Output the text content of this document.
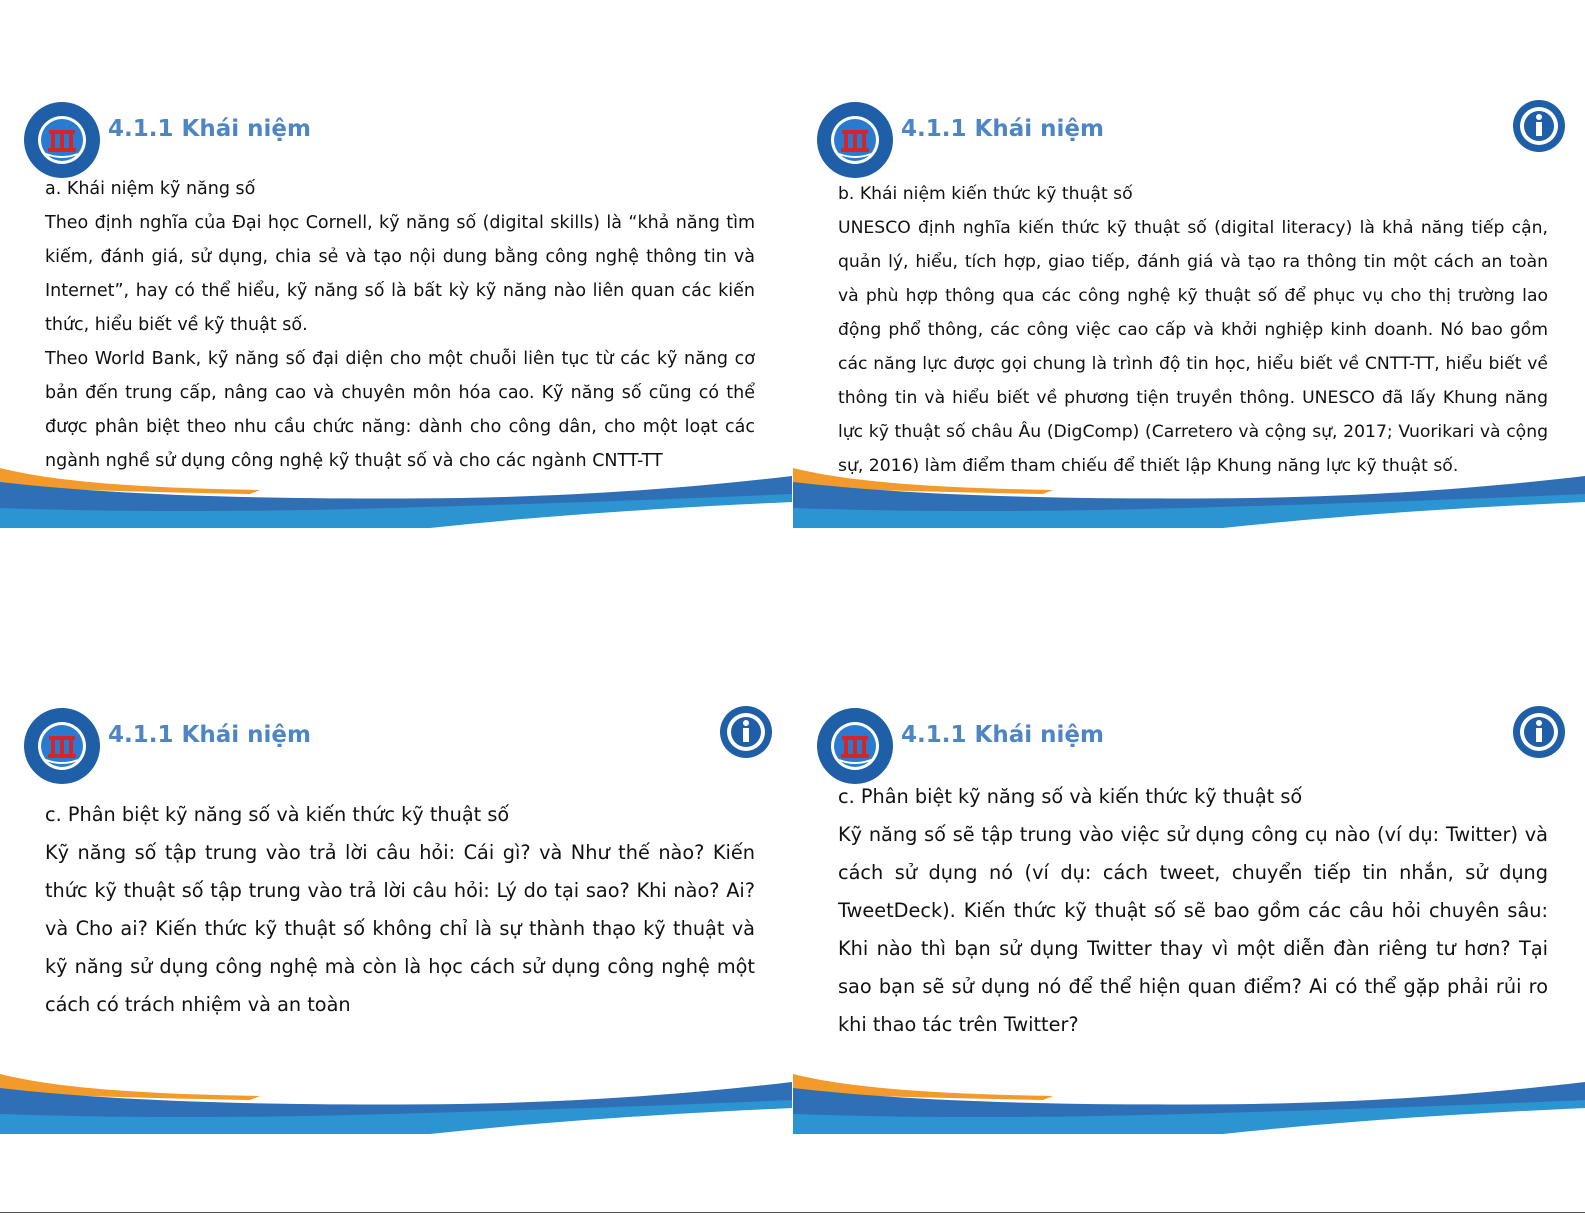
4.1.1 Khái niệm

a. Khái niệm kỹ năng số

Theo định nghĩa của Đại học Cornell, kỹ năng số (digital skills) là “khả năng tìm kiếm, đánh giá, sử dụng, chia sẻ và tạo nội dung bằng công nghệ thông tin và Internet”, hay có thể hiểu, kỹ năng số là bất kỳ kỹ năng nào liên quan các kiến thức, hiểu biết về kỹ thuật số.

Theo World Bank, kỹ năng số đại diện cho một chuỗi liên tục từ các kỹ năng cơ bản đến trung cấp, nâng cao và chuyên môn hóa cao. Kỹ năng số cũng có thể được phân biệt theo nhu cầu chức năng: dành cho công dân, cho một loạt các ngành nghề sử dụng công nghệ kỹ thuật số và cho các ngành CNTT-TT

4.1.1 Khái niệm

b. Khái niệm kiến thức kỹ thuật số

UNESCO định nghĩa kiến thức kỹ thuật số (digital literacy) là khả năng tiếp cận, quản lý, hiểu, tích hợp, giao tiếp, đánh giá và tạo ra thông tin một cách an toàn và phù hợp thông qua các công nghệ kỹ thuật số để phục vụ cho thị trường lao động phổ thông, các công việc cao cấp và khởi nghiệp kinh doanh. Nó bao gồm các năng lực được gọi chung là trình độ tin học, hiểu biết về CNTT-TT, hiểu biết về thông tin và hiểu biết về phương tiện truyền thông. UNESCO đã lấy Khung năng lực kỹ thuật số châu Âu (DigComp) (Carretero và cộng sự, 2017; Vuorikari và cộng sự, 2016) làm điểm tham chiếu để thiết lập Khung năng lực kỹ thuật số.

4.1.1 Khái niệm

c. Phân biệt kỹ năng số và kiến thức kỹ thuật số

Kỹ năng số tập trung vào trả lời câu hỏi: Cái gì? và Như thế nào? Kiến thức kỹ thuật số tập trung vào trả lời câu hỏi: Lý do tại sao? Khi nào? Ai? và Cho ai? Kiến thức kỹ thuật số không chỉ là sự thành thạo kỹ thuật và kỹ năng sử dụng công nghệ mà còn là học cách sử dụng công nghệ một cách có trách nhiệm và an toàn

4.1.1 Khái niệm

c. Phân biệt kỹ năng số và kiến thức kỹ thuật số

Kỹ năng số sẽ tập trung vào việc sử dụng công cụ nào (ví dụ: Twitter) và cách sử dụng nó (ví dụ: cách tweet, chuyển tiếp tin nhắn, sử dụng TweetDeck). Kiến thức kỹ thuật số sẽ bao gồm các câu hỏi chuyên sâu: Khi nào thì bạn sử dụng Twitter thay vì một diễn đàn riêng tư hơn? Tại sao bạn sẽ sử dụng nó để thể hiện quan điểm? Ai có thể gặp phải rủi ro khi thao tác trên Twitter?
